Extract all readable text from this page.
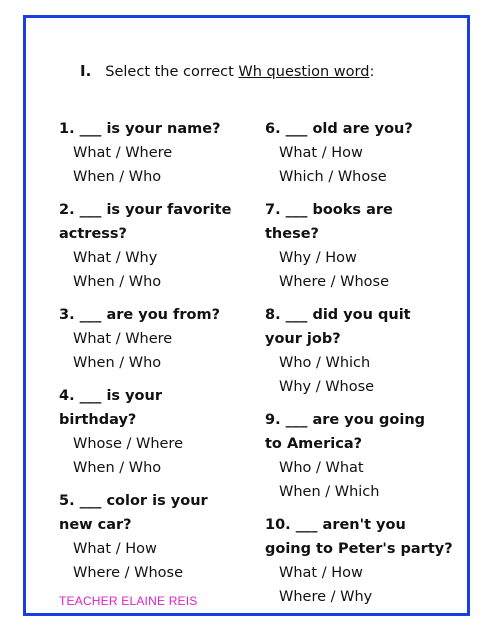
I. Select the correct Wh question word:
1. ___ is your name?
What / Where
When / Who
2. ___ is your favorite
actress?
What / Why
When / Who
3. ___ are you from?
What / Where
When / Who
4. ___ is your
birthday?
Whose / Where
When / Who
5. ___ color is your
new car?
What / How
Where / Whose
6. ___ old are you?
What / How
Which / Whose
7. ___ books are
these?
Why / How
Where / Whose
8. ___ did you quit
your job?
Who / Which
Why / Whose
9. ___ are you going
to America?
Who / What
When / Which
10. ___ aren't you
going to Peter's party?
What / How
Where / Why
TEACHER ELAINE REIS
